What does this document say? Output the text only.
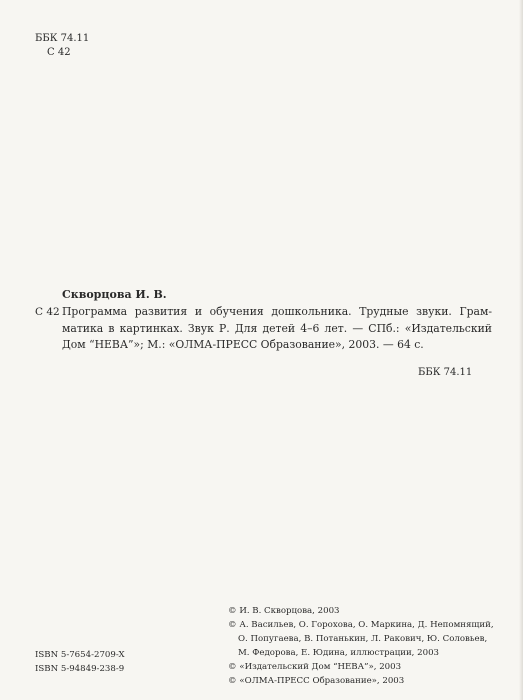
ББК 74.11
С 42
Скворцова И. В.
С 42 Программа развития и обучения дошкольника. Трудные звуки. Грам-
матика в картинках. Звук Р. Для детей 4–6 лет. — СПб.: «Издательский
Дом “НЕВА”»; М.: «ОЛМА-ПРЕСС Образование», 2003. — 64 с.
ББК 74.11
© И. В. Скворцова, 2003
© А. Васильев, О. Горохова, О. Маркина, Д. Непомнящий,
О. Попугаева, В. Потанькин, Л. Ракович, Ю. Соловьев,
М. Федорова, Е. Юдина, иллюстрации, 2003
© «Издательский Дом “НЕВА”», 2003
© «ОЛМА-ПРЕСС Образование», 2003
ISBN 5-7654-2709-X
ISBN 5-94849-238-9
